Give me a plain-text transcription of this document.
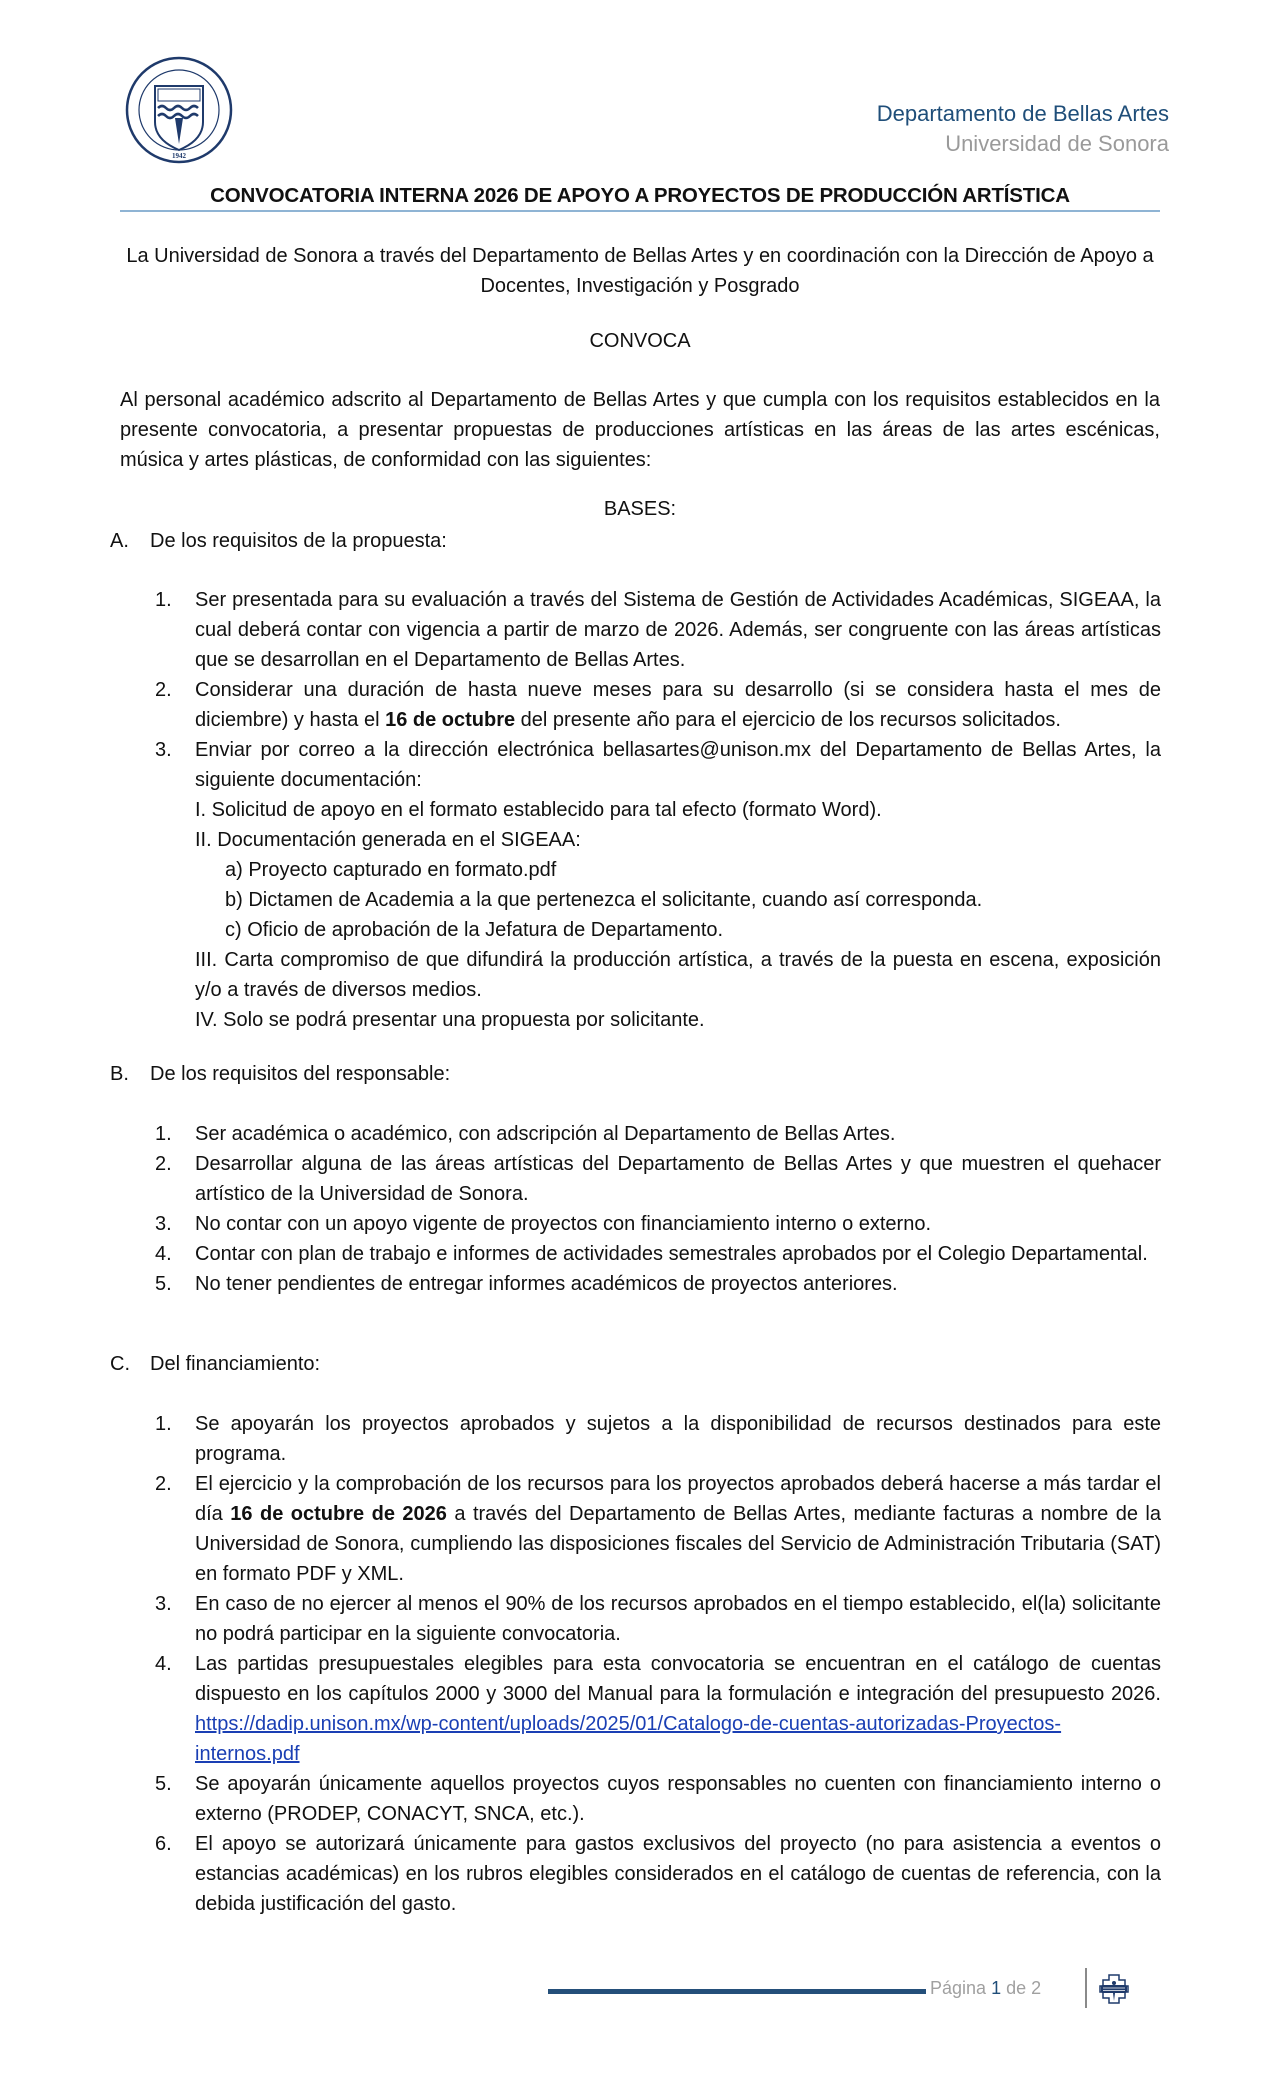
1942
Departamento de Bellas Artes
Universidad de Sonora
CONVOCATORIA INTERNA 2026 DE APOYO A PROYECTOS DE PRODUCCIÓN ARTÍSTICA
La Universidad de Sonora a través del Departamento de Bellas Artes y en coordinación con la Dirección de Apoyo a Docentes, Investigación y Posgrado
CONVOCA
Al personal académico adscrito al Departamento de Bellas Artes y que cumpla con los requisitos establecidos en la presente convocatoria, a presentar propuestas de producciones artísticas en las áreas de las artes escénicas, música y artes plásticas, de conformidad con las siguientes:
BASES:
A. De los requisitos de la propuesta:
1.	Ser presentada para su evaluación a través del Sistema de Gestión de Actividades Académicas, SIGEAA, la cual deberá contar con vigencia a partir de marzo de 2026. Además, ser congruente con las áreas artísticas que se desarrollan en el Departamento de Bellas Artes.
2.	Considerar una duración de hasta nueve meses para su desarrollo (si se considera hasta el mes de diciembre) y hasta el 16 de octubre del presente año para el ejercicio de los recursos solicitados.
3.	Enviar por correo a la dirección electrónica bellasartes@unison.mx del Departamento de Bellas Artes, la siguiente documentación:
I. Solicitud de apoyo en el formato establecido para tal efecto (formato Word).
II. Documentación generada en el SIGEAA:
a) Proyecto capturado en formato.pdf
b) Dictamen de Academia a la que pertenezca el solicitante, cuando así corresponda.
c) Oficio de aprobación de la Jefatura de Departamento.
III. Carta compromiso de que difundirá la producción artística, a través de la puesta en escena, exposición y/o a través de diversos medios.
IV. Solo se podrá presentar una propuesta por solicitante.
B. De los requisitos del responsable:
1.	Ser académica o académico, con adscripción al Departamento de Bellas Artes.
2.	Desarrollar alguna de las áreas artísticas del Departamento de Bellas Artes y que muestren el quehacer artístico de la Universidad de Sonora.
3.	No contar con un apoyo vigente de proyectos con financiamiento interno o externo.
4.	Contar con plan de trabajo e informes de actividades semestrales aprobados por el Colegio Departamental.
5.	No tener pendientes de entregar informes académicos de proyectos anteriores.
C. Del financiamiento:
1.	Se apoyarán los proyectos aprobados y sujetos a la disponibilidad de recursos destinados para este programa.
2.	El ejercicio y la comprobación de los recursos para los proyectos aprobados deberá hacerse a más tardar el día 16 de octubre de 2026 a través del Departamento de Bellas Artes, mediante facturas a nombre de la Universidad de Sonora, cumpliendo las disposiciones fiscales del Servicio de Administración Tributaria (SAT) en formato PDF y XML.
3.	En caso de no ejercer al menos el 90% de los recursos aprobados en el tiempo establecido, el(la) solicitante no podrá participar en la siguiente convocatoria.
4.	Las partidas presupuestales elegibles para esta convocatoria se encuentran en el catálogo de cuentas dispuesto en los capítulos 2000 y 3000 del Manual para la formulación e integración del presupuesto 2026. https://dadip.unison.mx/wp-content/uploads/2025/01/Catalogo-de-cuentas-autorizadas-Proyectos-internos.pdf
5.	Se apoyarán únicamente aquellos proyectos cuyos responsables no cuenten con financiamiento interno o externo (PRODEP, CONACYT, SNCA, etc.).
6.	El apoyo se autorizará únicamente para gastos exclusivos del proyecto (no para asistencia a eventos o estancias académicas) en los rubros elegibles considerados en el catálogo de cuentas de referencia, con la debida justificación del gasto.
Página 1 de 2
